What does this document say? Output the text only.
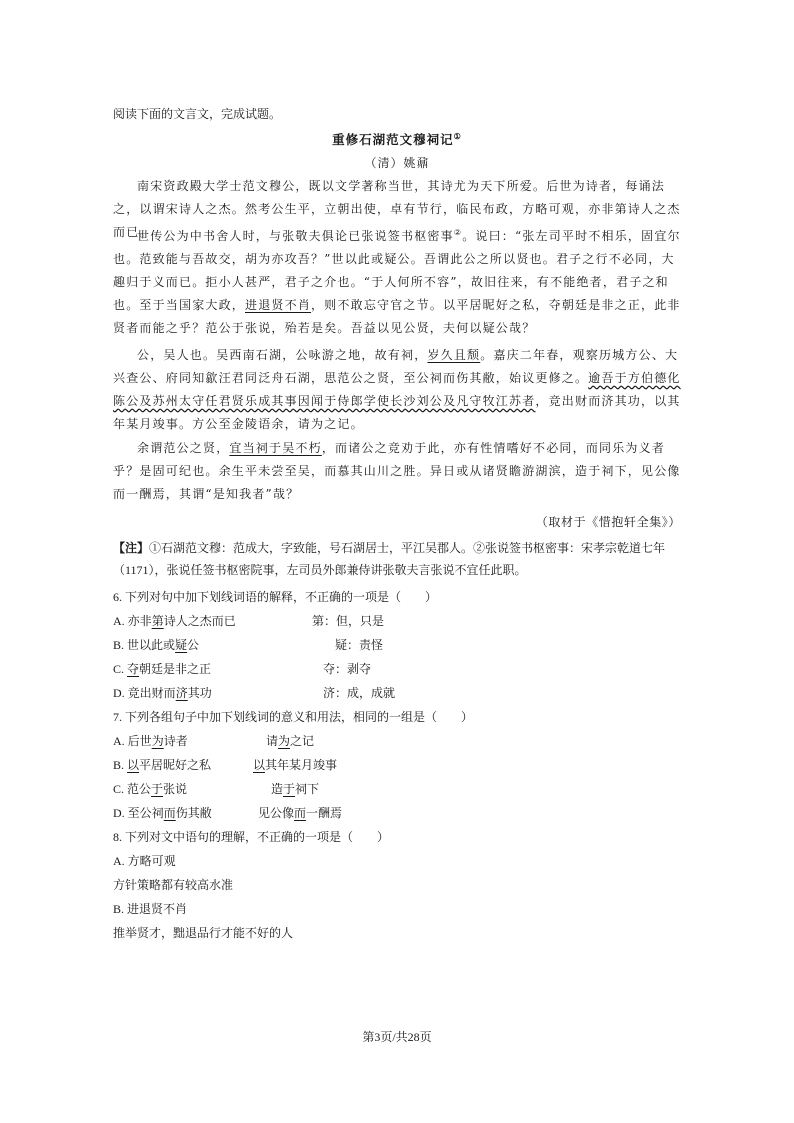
阅读下面的文言文，完成试题。
重修石湖范文穆祠记①
（清）姚鼐

南宋资政殿大学士范文穆公，既以文学著称当世，其诗尤为天下所爱。后世为诗者，每诵法之，以谓宋诗人之杰。然考公生平，立朝出使，卓有节行，临民布政，方略可观，亦非第诗人之杰而已。

世传公为中书舍人时，与张敬夫俱论已张说签书枢密事②。说曰：“张左司平时不相乐，固宜尔也。范致能与吾故交，胡为亦攻吾？”世以此或疑公。吾谓此公之所以贤也。君子之行不必同，大趣归于义而已。拒小人甚严，君子之介也。“于人何所不容”，故旧往来，有不能绝者，君子之和也。至于当国家大政，进退贤不肖，则不敢忘守官之节。以平居昵好之私，夺朝廷是非之正，此非贤者而能之乎？范公于张说，殆若是矣。吾益以见公贤，夫何以疑公哉？

公，吴人也。吴西南石湖，公咏游之地，故有祠，岁久且颓。嘉庆二年春，观察历城方公、大兴查公、府同知歙汪君同泛舟石湖，思范公之贤，至公祠而伤其敝，始议更修之。逾吾于方伯德化陈公及苏州太守任君贤乐成其事因闻于侍郎学使长沙刘公及凡守牧江苏者，竞出财而济其功，以其年某月竣事。方公至金陵语余，请为之记。

余谓范公之贤，宜当祠于吴不朽，而诸公之竞劝于此，亦有性情嗜好不必同，而同乐为义者乎？是固可纪也。余生平未尝至吴，而慕其山川之胜。异日或从诸贤瞻游湖滨，造于祠下，见公像而一酬焉，其谓“是知我者”哉？

（取材于《惜抱轩全集》）
【注】①石湖范文穆：范成大，字致能，号石湖居士，平江吴郡人。②张说签书枢密事：宋孝宗乾道七年（1171），张说任签书枢密院事，左司员外郎兼侍讲张敬夫言张说不宜任此职。
6. 下列对句中加下划线词语的解释，不正确的一项是（　　）
A. 亦非第诗人之杰而已	第：但，只是
B. 世以此或疑公	疑：责怪
C. 夺朝廷是非之正	夺：剥夺
D. 竞出财而济其功	济：成，成就
7. 下列各组句子中加下划线词的意义和用法，相同的一组是（　　）
A. 后世为诗者	请为之记
B. 以平居昵好之私	以其年某月竣事
C. 范公于张说	造于祠下
D. 至公祠而伤其敝	见公像而一酬焉
8. 下列对文中语句的理解，不正确的一项是（　　）
A. 方略可观
方针策略都有较高水准
B. 进退贤不肖
推举贤才，黜退品行才能不好的人
第3页/共28页
